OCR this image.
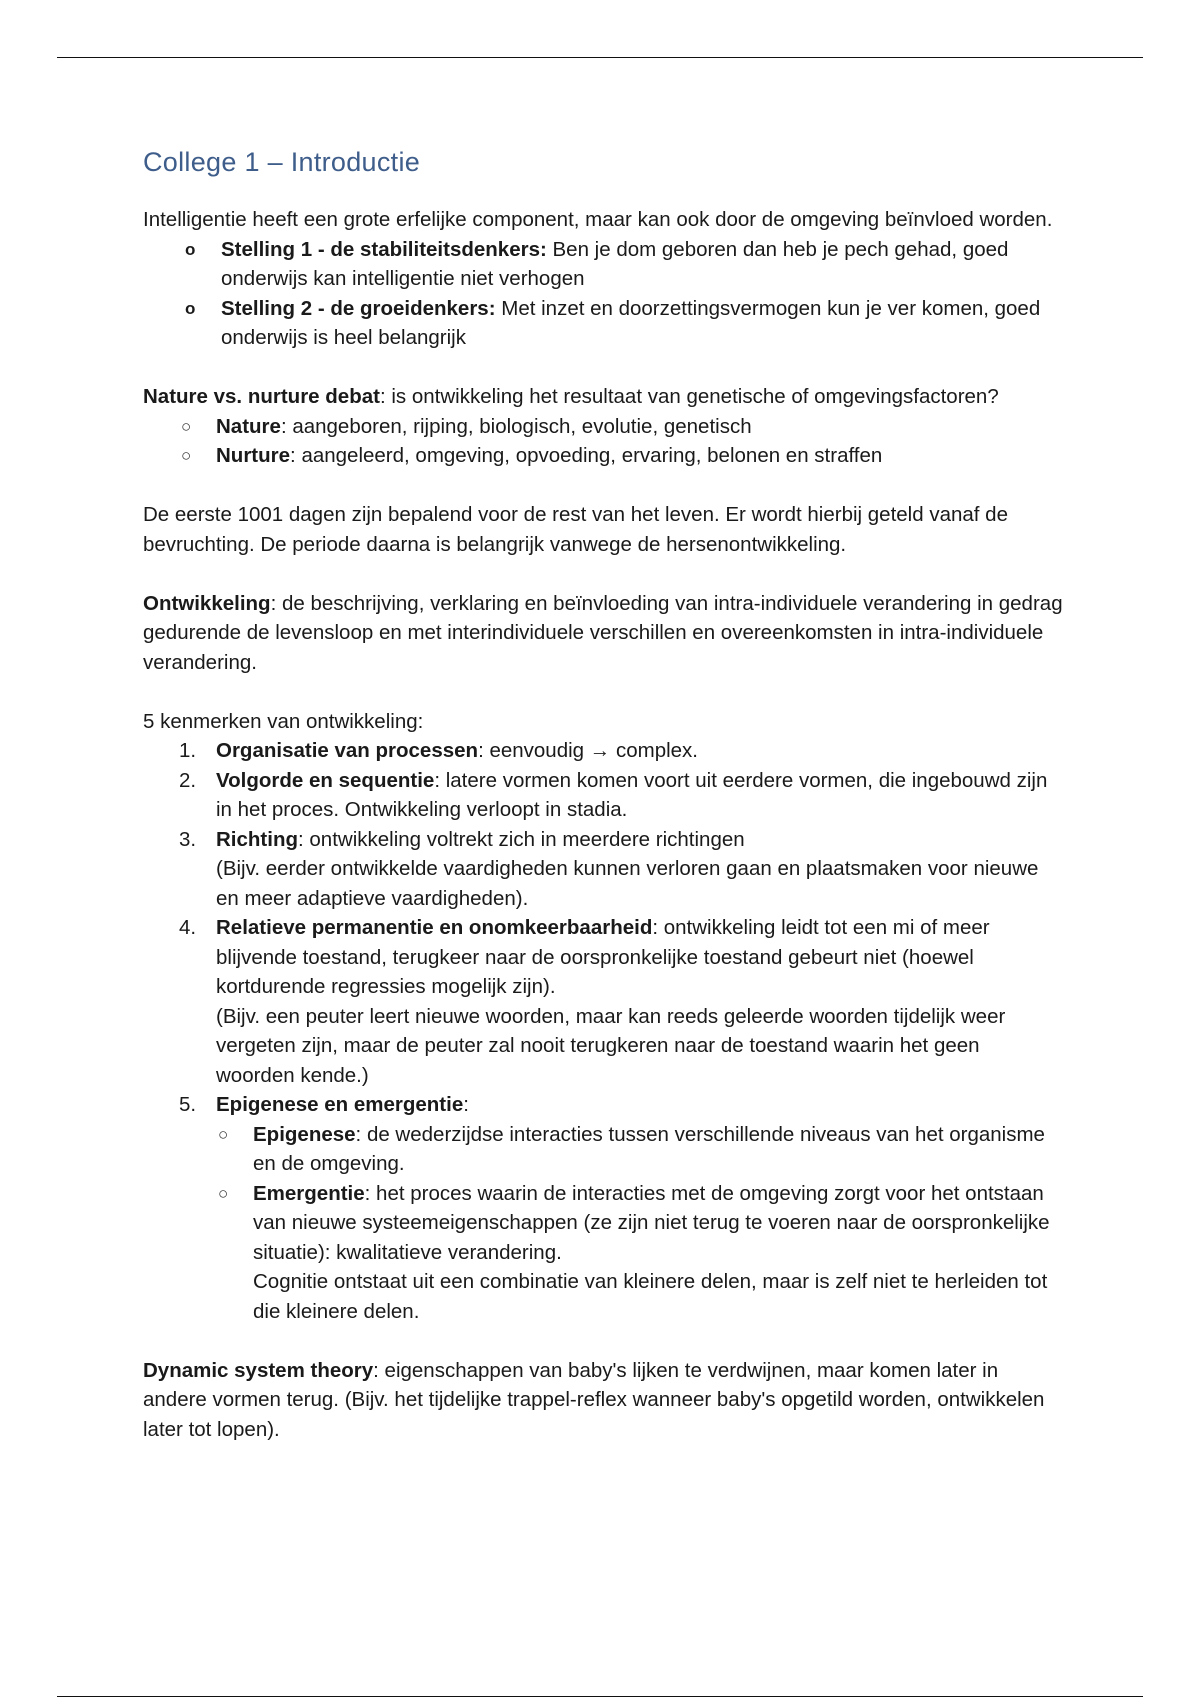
College 1 – Introductie

Intelligentie heeft een grote erfelijke component, maar kan ook door de omgeving beïnvloed worden.

o Stelling 1 - de stabiliteitsdenkers: Ben je dom geboren dan heb je pech gehad, goed onderwijs kan intelligentie niet verhogen
o Stelling 2 - de groeidenkers: Met inzet en doorzettingsvermogen kun je ver komen, goed onderwijs is heel belangrijk

Nature vs. nurture debat: is ontwikkeling het resultaat van genetische of omgevingsfactoren?

○ Nature: aangeboren, rijping, biologisch, evolutie, genetisch
○ Nurture: aangeleerd, omgeving, opvoeding, ervaring, belonen en straffen

De eerste 1001 dagen zijn bepalend voor de rest van het leven. Er wordt hierbij geteld vanaf de bevruchting. De periode daarna is belangrijk vanwege de hersenontwikkeling.

Ontwikkeling: de beschrijving, verklaring en beïnvloeding van intra-individuele verandering in gedrag gedurende de levensloop en met interindividuele verschillen en overeenkomsten in intra-individuele verandering.

5 kenmerken van ontwikkeling:

1. Organisatie van processen: eenvoudig → complex.
2. Volgorde en sequentie: latere vormen komen voort uit eerdere vormen, die ingebouwd zijn in het proces. Ontwikkeling verloopt in stadia.
3. Richting: ontwikkeling voltrekt zich in meerdere richtingen
(Bijv. eerder ontwikkelde vaardigheden kunnen verloren gaan en plaatsmaken voor nieuwe en meer adaptieve vaardigheden).
4. Relatieve permanentie en onomkeerbaarheid: ontwikkeling leidt tot een mi of meer blijvende toestand, terugkeer naar de oorspronkelijke toestand gebeurt niet (hoewel kortdurende regressies mogelijk zijn).
(Bijv. een peuter leert nieuwe woorden, maar kan reeds geleerde woorden tijdelijk weer vergeten zijn, maar de peuter zal nooit terugkeren naar de toestand waarin het geen woorden kende.)
5. Epigenese en emergentie:
○ Epigenese: de wederzijdse interacties tussen verschillende niveaus van het organisme en de omgeving.
○ Emergentie: het proces waarin de interacties met de omgeving zorgt voor het ontstaan van nieuwe systeemeigenschappen (ze zijn niet terug te voeren naar de oorspronkelijke situatie): kwalitatieve verandering.
Cognitie ontstaat uit een combinatie van kleinere delen, maar is zelf niet te herleiden tot die kleinere delen.

Dynamic system theory: eigenschappen van baby's lijken te verdwijnen, maar komen later in andere vormen terug. (Bijv. het tijdelijke trappel-reflex wanneer baby's opgetild worden, ontwikkelen later tot lopen).
